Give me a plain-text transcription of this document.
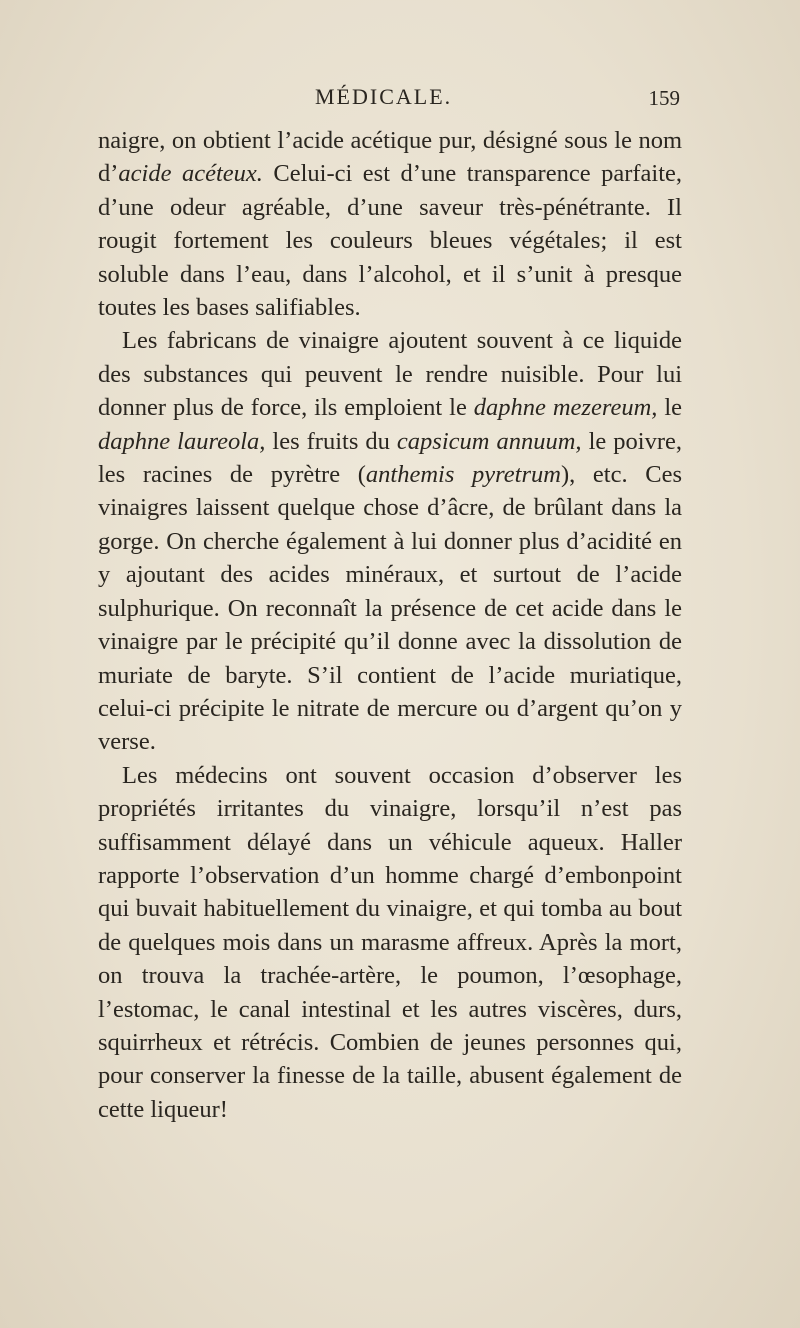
MÉDICALE.	159

naigre, on obtient l’acide acétique pur, désigné sous le nom d’acide acéteux. Celui-ci est d’une transparence parfaite, d’une odeur agréable, d’une saveur très-pénétrante. Il rougit fortement les couleurs bleues végétales; il est soluble dans l’eau, dans l’alcohol, et il s’unit à presque toutes les bases salifiables.

Les fabricans de vinaigre ajoutent souvent à ce liquide des substances qui peuvent le rendre nuisible. Pour lui donner plus de force, ils emploient le daphne mezereum, le daphne laureola, les fruits du capsicum annuum, le poivre, les racines de pyrètre (anthemis pyretrum), etc. Ces vinaigres laissent quelque chose d’âcre, de brûlant dans la gorge. On cherche également à lui donner plus d’acidité en y ajoutant des acides minéraux, et surtout de l’acide sulphurique. On reconnaît la présence de cet acide dans le vinaigre par le précipité qu’il donne avec la dissolution de muriate de baryte. S’il contient de l’acide muriatique, celui-ci précipite le nitrate de mercure ou d’argent qu’on y verse.

Les médecins ont souvent occasion d’observer les propriétés irritantes du vinaigre, lorsqu’il n’est pas suffisamment délayé dans un véhicule aqueux. Haller rapporte l’observation d’un homme chargé d’embonpoint qui buvait habituellement du vinaigre, et qui tomba au bout de quelques mois dans un marasme affreux. Après la mort, on trouva la trachée-artère, le poumon, l’œsophage, l’estomac, le canal intestinal et les autres viscères, durs, squirrheux et rétrécis. Combien de jeunes personnes qui, pour conserver la finesse de la taille, abusent également de cette liqueur!
